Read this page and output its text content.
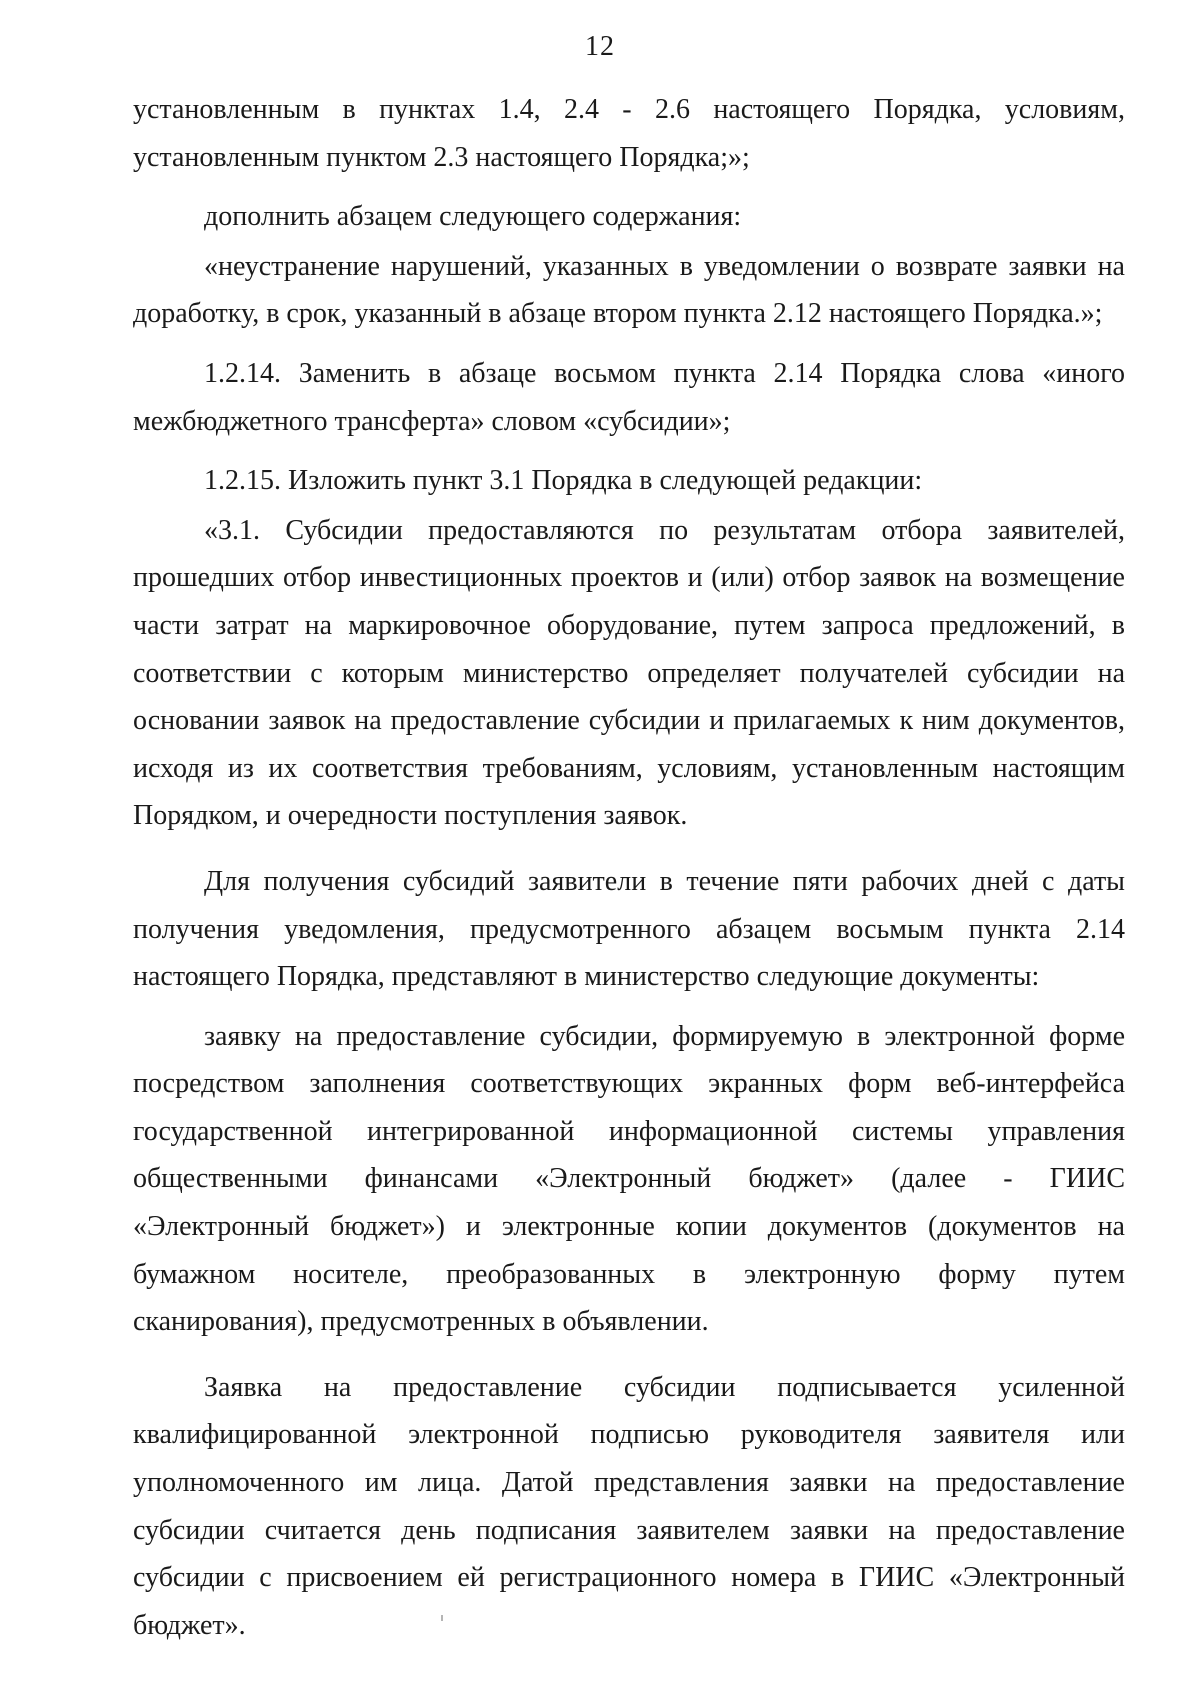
12

установленным в пунктах 1.4, 2.4 - 2.6 настоящего Порядка, условиям, установленным пунктом 2.3 настоящего Порядка;»;

дополнить абзацем следующего содержания:

«неустранение нарушений, указанных в уведомлении о возврате заявки на доработку, в срок, указанный в абзаце втором пункта 2.12 настоящего Порядка.»;

1.2.14. Заменить в абзаце восьмом пункта 2.14 Порядка слова «иного межбюджетного трансферта» словом «субсидии»;

1.2.15. Изложить пункт 3.1 Порядка в следующей редакции:

«3.1. Субсидии предоставляются по результатам отбора заявителей, прошедших отбор инвестиционных проектов и (или) отбор заявок на возмещение части затрат на маркировочное оборудование, путем запроса предложений, в соответствии с которым министерство определяет получателей субсидии на основании заявок на предоставление субсидии и прилагаемых к ним документов, исходя из их соответствия требованиям, условиям, установленным настоящим Порядком, и очередности поступления заявок.

Для получения субсидий заявители в течение пяти рабочих дней с даты получения уведомления, предусмотренного абзацем восьмым пункта 2.14 настоящего Порядка, представляют в министерство следующие документы:

заявку на предоставление субсидии, формируемую в электронной форме посредством заполнения соответствующих экранных форм веб-интерфейса государственной интегрированной информационной системы управления общественными финансами «Электронный бюджет» (далее - ГИИС «Электронный бюджет») и электронные копии документов (документов на бумажном носителе, преобразованных в электронную форму путем сканирования), предусмотренных в объявлении.

Заявка на предоставление субсидии подписывается усиленной квалифицированной электронной подписью руководителя заявителя или уполномоченного им лица. Датой представления заявки на предоставление субсидии считается день подписания заявителем заявки на предоставление субсидии с присвоением ей регистрационного номера в ГИИС «Электронный бюджет».
